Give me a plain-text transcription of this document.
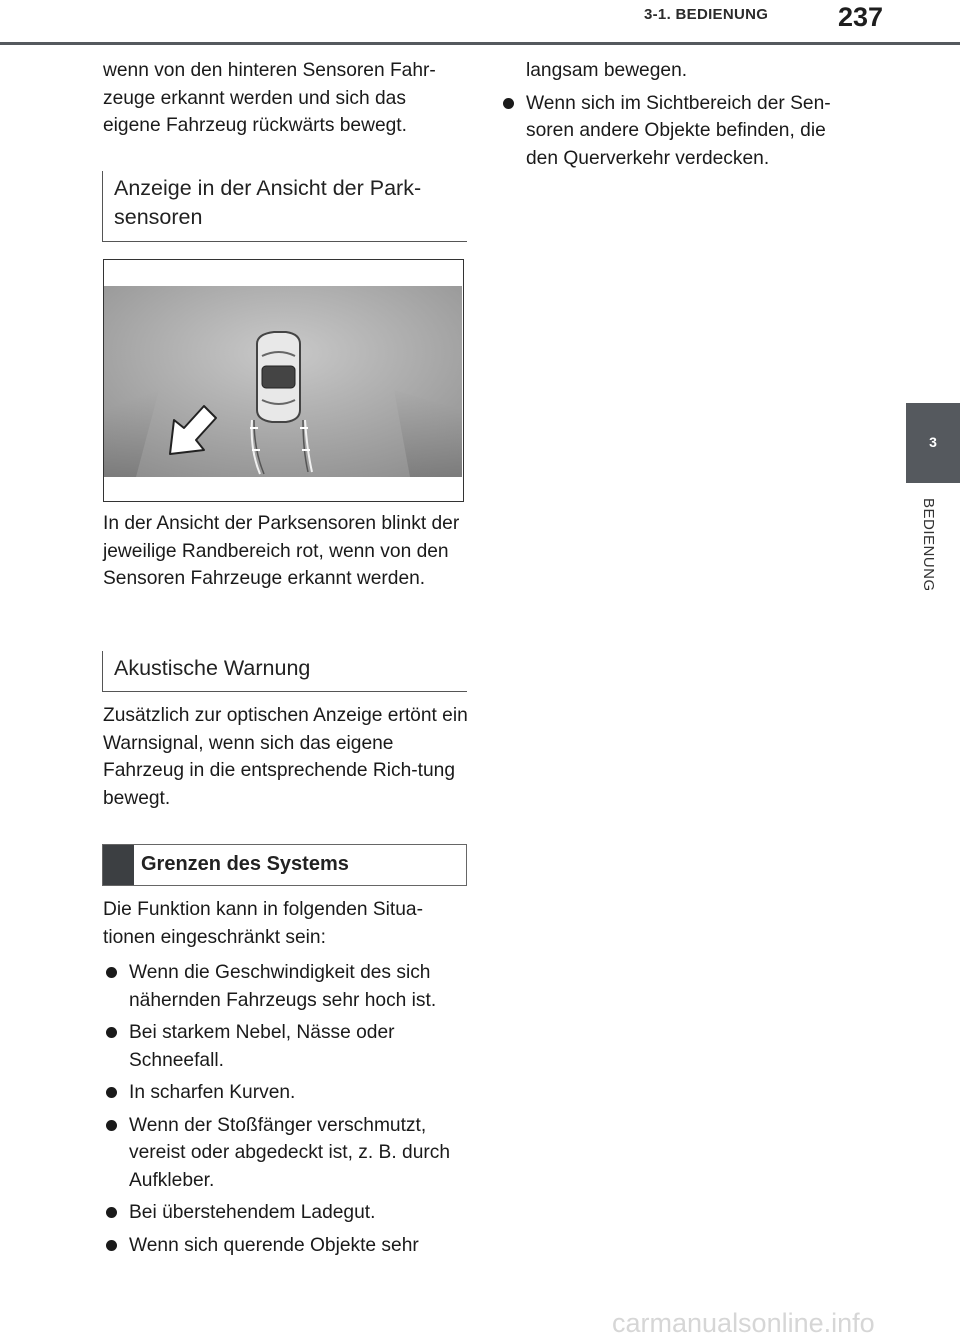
3-1. BEDIENUNG	237
3
BEDIENUNG

wenn von den hinteren Sensoren Fahr-zeuge erkannt werden und sich das eigene Fahrzeug rückwärts bewegt.

Anzeige in der Ansicht der Park-sensoren

In der Ansicht der Parksensoren blinkt der jeweilige Randbereich rot, wenn von den Sensoren Fahrzeuge erkannt werden.

Akustische Warnung

Zusätzlich zur optischen Anzeige ertönt ein Warnsignal, wenn sich das eigene Fahrzeug in die entsprechende Rich-tung bewegt.

Grenzen des Systems

Die Funktion kann in folgenden Situa-tionen eingeschränkt sein:

Wenn die Geschwindigkeit des sich nähernden Fahrzeugs sehr hoch ist.
Bei starkem Nebel, Nässe oder Schneefall.
In scharfen Kurven.
Wenn der Stoßfänger verschmutzt, vereist oder abgedeckt ist, z. B. durch Aufkleber.
Bei überstehendem Ladegut.
Wenn sich querende Objekte sehr

langsam bewegen.

Wenn sich im Sichtbereich der Sen-soren andere Objekte befinden, die den Querverkehr verdecken.
carmanualsonline.info
